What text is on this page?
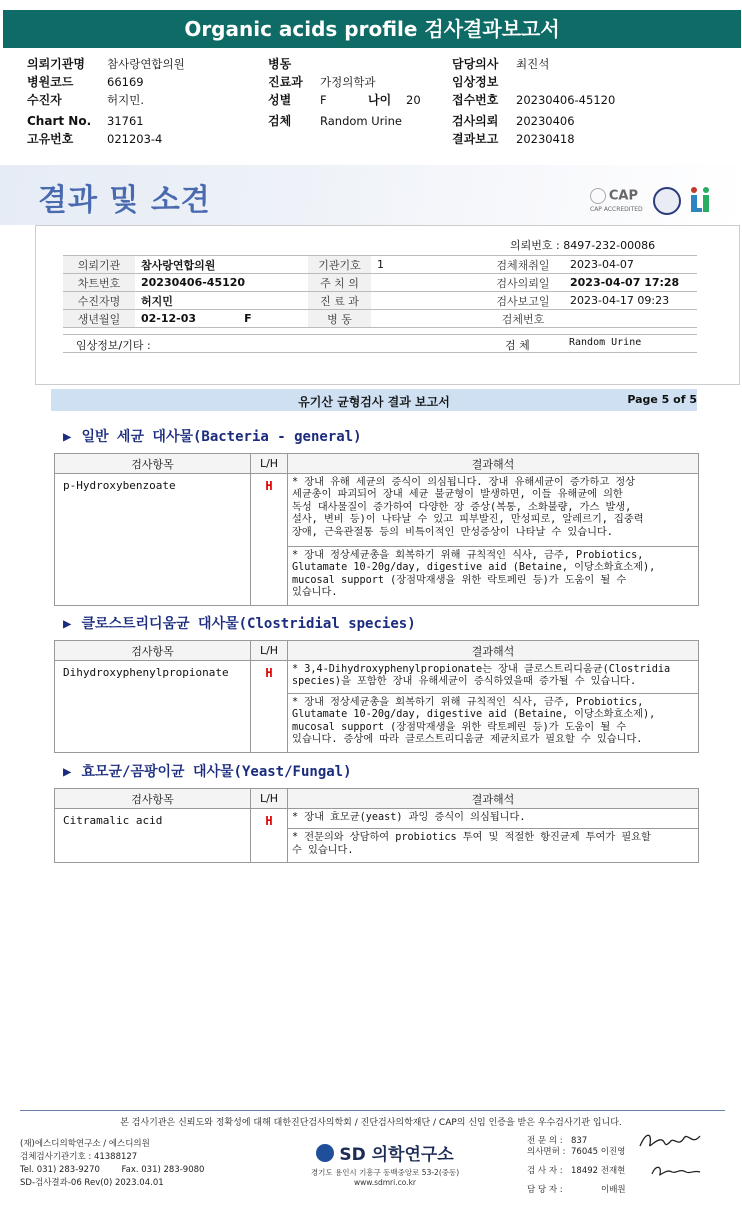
Organic acids profile 검사결과보고서
의뢰기관명 참사랑연합의원
병원코드	66169
수진자	허지민.
Chart No. 31761
고유번호	021203-4
병동
진료과 가정의학과
성별	F	나이 20
검체	Random Urine
담당의사 최진석
임상정보
접수번호 20230406-45120
검사의뢰 20230406
결과보고 20230418
결과 및 소견	CAP
CAP ACCREDITED
의뢰번호 : 8497-232-00086
의뢰기관	참사랑연합의원	기관기호	1	검체채취일	2023-04-07
차트번호	20230406-45120	주 치 의		검사의뢰일	2023-04-07 17:28
수진자명	허지민	진 료 과		검사보고일	2023-04-17 09:23
생년월일	02-12-03 F	병 동		검체번호	
임상정보/기타 :	검 체	Random Urine
유기산 균형검사 결과 보고서	Page 5 of 5
▶ 일반 세균 대사물(Bacteria - general)
검사항목	L/H	결과해석
p-Hydroxybenzoate	H	* 장내 유해 세균의 증식이 의심됩니다. 장내 유해세균이 증가하고 정상
세균총이 파괴되어 장내 세균 불균형이 발생하면, 이들 유해균에 의한
독성 대사물질이 증가하여 다양한 장 증상(복통, 소화불량, 가스 발생,
설사, 변비 등)이 나타날 수 있고 피부발진, 만성피로, 알레르기, 집중력
장애, 근육관절통 등의 비특이적인 만성증상이 나타날 수 있습니다.
		* 장내 정상세균총을 회복하기 위해 규칙적인 식사, 금주, Probiotics,
Glutamate 10-20g/day, digestive aid (Betaine, 이당소화효소제),
mucosal support (장점막재생을 위한 락토페린 등)가 도움이 될 수
있습니다.
▶ 클로스트리디움균 대사물(Clostridial species)
검사항목	L/H	결과해석
Dihydroxyphenylpropionate	H	* 3,4-Dihydroxyphenylpropionate는 장내 클로스트리디움균(Clostridia
species)을 포함한 장내 유해세균이 증식하였을때 증가될 수 있습니다.
		* 장내 정상세균총을 회복하기 위해 규칙적인 식사, 금주, Probiotics,
Glutamate 10-20g/day, digestive aid (Betaine, 이당소화효소제),
mucosal support (장점막재생을 위한 락토페린 등)가 도움이 될 수
있습니다. 증상에 따라 클로스트리디움균 제균치료가 필요할 수 있습니다.
▶ 효모균/곰팡이균 대사물(Yeast/Fungal)
검사항목	L/H	결과해석
Citramalic acid	H	* 장내 효모균(yeast) 과잉 증식이 의심됩니다.
		* 전문의와 상담하여 probiotics 투여 및 적절한 항진균제 투여가 필요할
수 있습니다.
본 검사기관은 신뢰도와 정확성에 대해 대한진단검사의학회 / 진단검사의학재단 / CAP의 신임 인증을 받은 우수검사기관 입니다.
(재)에스디의학연구소 / 에스디의원
검체검사기관기호 : 41388127
Tel. 031) 283-9270        Fax. 031) 283-9080
SD-검사결과-06 Rev(0) 2023.04.01
SD 의학연구소
경기도 용인시 기흥구 동백중앙로 53-2(중동)
www.sdmri.co.kr
전 문 의 : 837
의사면허 : 76045 이진영
검 사 자 : 18492 전재현
담 당 자 :	이배원
